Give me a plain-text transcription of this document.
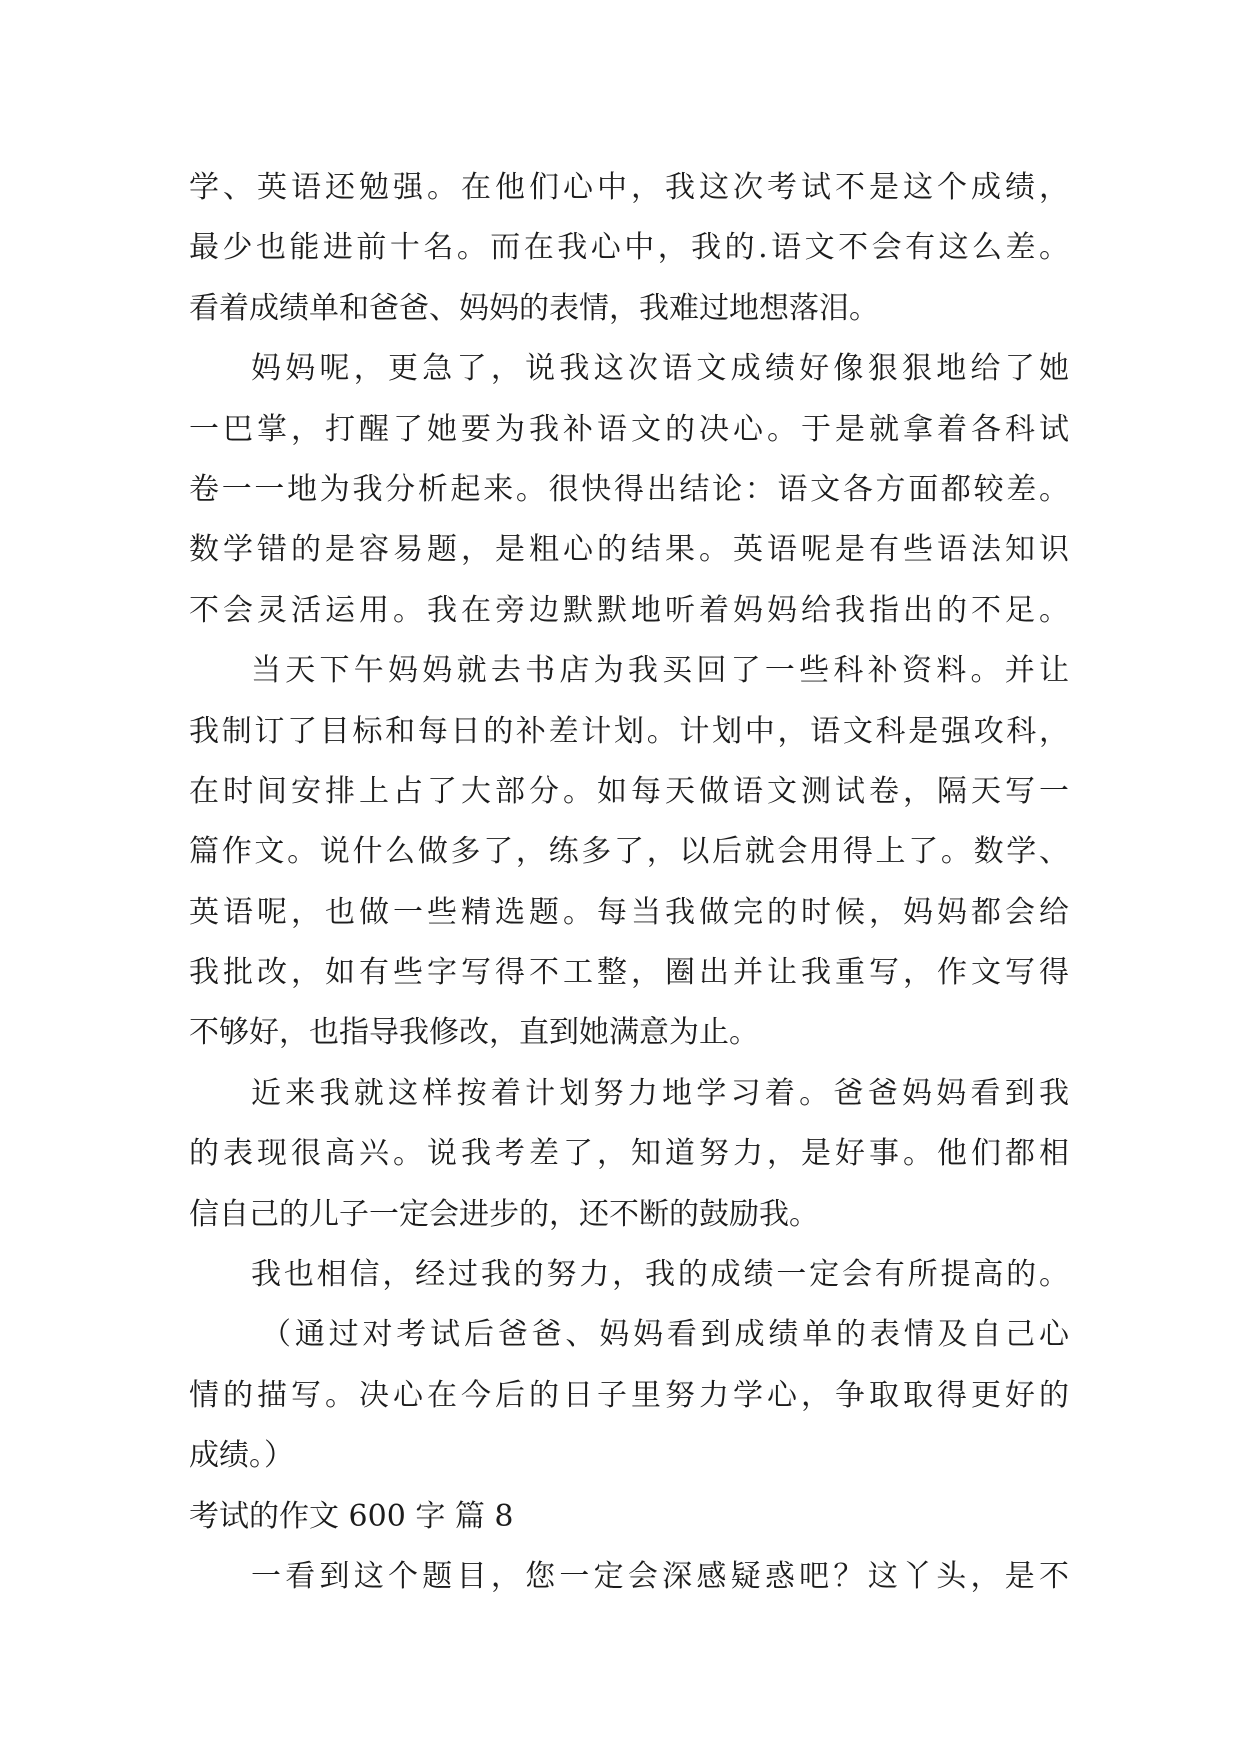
学、英语还勉强。在他们心中，我这次考试不是这个成绩，
最少也能进前十名。而在我心中，我的.语文不会有这么差。
看着成绩单和爸爸、妈妈的表情，我难过地想落泪。
妈妈呢，更急了，说我这次语文成绩好像狠狠地给了她
一巴掌，打醒了她要为我补语文的决心。于是就拿着各科试
卷一一地为我分析起来。很快得出结论：语文各方面都较差。
数学错的是容易题，是粗心的结果。英语呢是有些语法知识
不会灵活运用。我在旁边默默地听着妈妈给我指出的不足。
当天下午妈妈就去书店为我买回了一些科补资料。并让
我制订了目标和每日的补差计划。计划中，语文科是强攻科，
在时间安排上占了大部分。如每天做语文测试卷，隔天写一
篇作文。说什么做多了，练多了，以后就会用得上了。数学、
英语呢，也做一些精选题。每当我做完的时候，妈妈都会给
我批改，如有些字写得不工整，圈出并让我重写，作文写得
不够好，也指导我修改，直到她满意为止。
近来我就这样按着计划努力地学习着。爸爸妈妈看到我
的表现很高兴。说我考差了，知道努力，是好事。他们都相
信自己的儿子一定会进步的，还不断的鼓励我。
我也相信，经过我的努力，我的成绩一定会有所提高的。
（通过对考试后爸爸、妈妈看到成绩单的表情及自己心
情的描写。决心在今后的日子里努力学心，争取取得更好的
成绩。）
考试的作文 600 字 篇 8
一看到这个题目，您一定会深感疑惑吧？这丫头，是不
